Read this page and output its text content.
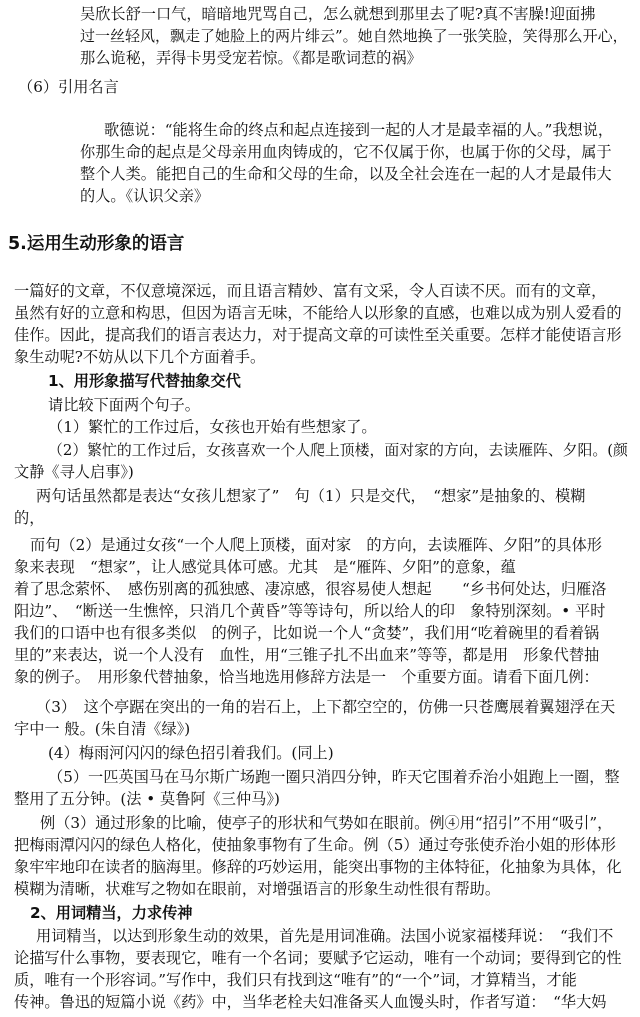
吴欣长舒一口气，暗暗地咒骂自己，怎么就想到那里去了呢?真不害臊!迎面拂
过一丝轻风，飘走了她脸上的两片绯云”。她自然地换了一张笑脸，笑得那么开心，
那么诡秘，弄得卡男受宠若惊。《都是歌词惹的祸》
（6）引用名言
歌德说：“能将生命的终点和起点连接到一起的人才是最幸福的人。”我想说，
你那生命的起点是父母亲用血肉铸成的，它不仅属于你，也属于你的父母，属于
整个人类。能把自己的生命和父母的生命，以及全社会连在一起的人才是最伟大
的人。《认识父亲》
5.运用生动形象的语言
一篇好的文章，不仅意境深远，而且语言精妙、富有文采，令人百读不厌。而有的文章，
虽然有好的立意和构思，但因为语言无味，不能给人以形象的直感，也难以成为别人爱看的
佳作。因此，提高我们的语言表达力，对于提高文章的可读性至关重要。怎样才能使语言形
象生动呢?不妨从以下几个方面着手。
1、用形象描写代替抽象交代
请比较下面两个句子。
（1）繁忙的工作过后，女孩也开始有些想家了。
（2）繁忙的工作过后，女孩喜欢一个人爬上顶楼，面对家的方向，去读雁阵、夕阳。(颜
文静《寻人启事》)
两句话虽然都是表达“女孩儿想家了”　句（1）只是交代，　“想家”是抽象的、模糊
的，
而句（2）是通过女孩“一个人爬上顶楼，面对家　的方向，去读雁阵、夕阳”的具体形
象来表现　“想家”，让人感觉具体可感。尤其　是“雁阵、夕阳”的意象，蕴
着了思念萦怀、　感伤别离的孤独感、凄凉感，很容易使人想起　　“乡书何处达，归雁洛
阳边”、　“断送一生憔悴，只消几个黄昏”等等诗句，所以给人的印　象特别深刻。• 平时
我们的口语中也有很多类似　的例子，比如说一个人“贪婪”，我们用“吃着碗里的看着锅
里的”来表达，说一个人没有　血性，用“三锥子扎不出血来”等等，都是用　形象代替抽
象的例子。　用形象代替抽象，恰当地选用修辞方法是一　个重要方面。请看下面几例：
（3）　这个亭踞在突出的一角的岩石上，上下都空空的，仿佛一只苍鹰展着翼翅浮在天
宇中一 般。(朱自清《绿》)
(4）梅雨河闪闪的绿色招引着我们。(同上)
（5）一匹英国马在马尔斯广场跑一圈只消四分钟，昨天它围着乔治小姐跑上一圈，整
整用了五分钟。(法 • 莫鲁阿《三仲马》)
例（3）通过形象的比喻，使亭子的形状和气势如在眼前。例④用“招引”不用“吸引”，
把梅雨潭闪闪的绿色人格化，使抽象事物有了生命。例（5）通过夸张使乔治小姐的形体形
象牢牢地印在读者的脑海里。修辞的巧妙运用，能突出事物的主体特征，化抽象为具体，化
模糊为清晰，状难写之物如在眼前，对增强语言的形象生动性很有帮助。
2、用词精当，力求传神
用词精当，以达到形象生动的效果，首先是用词准确。法国小说家福楼拜说：　“我们不
论描写什么事物，要表现它，唯有一个名词；要赋予它运动，唯有一个动词；要得到它的性
质，唯有一个形容词。”写作中，我们只有找到这“唯有”的“一个”词，才算精当，才能
传神。鲁迅的短篇小说《药》中，当华老栓夫妇准备买人血馒头时，作者写道：　“华大妈
